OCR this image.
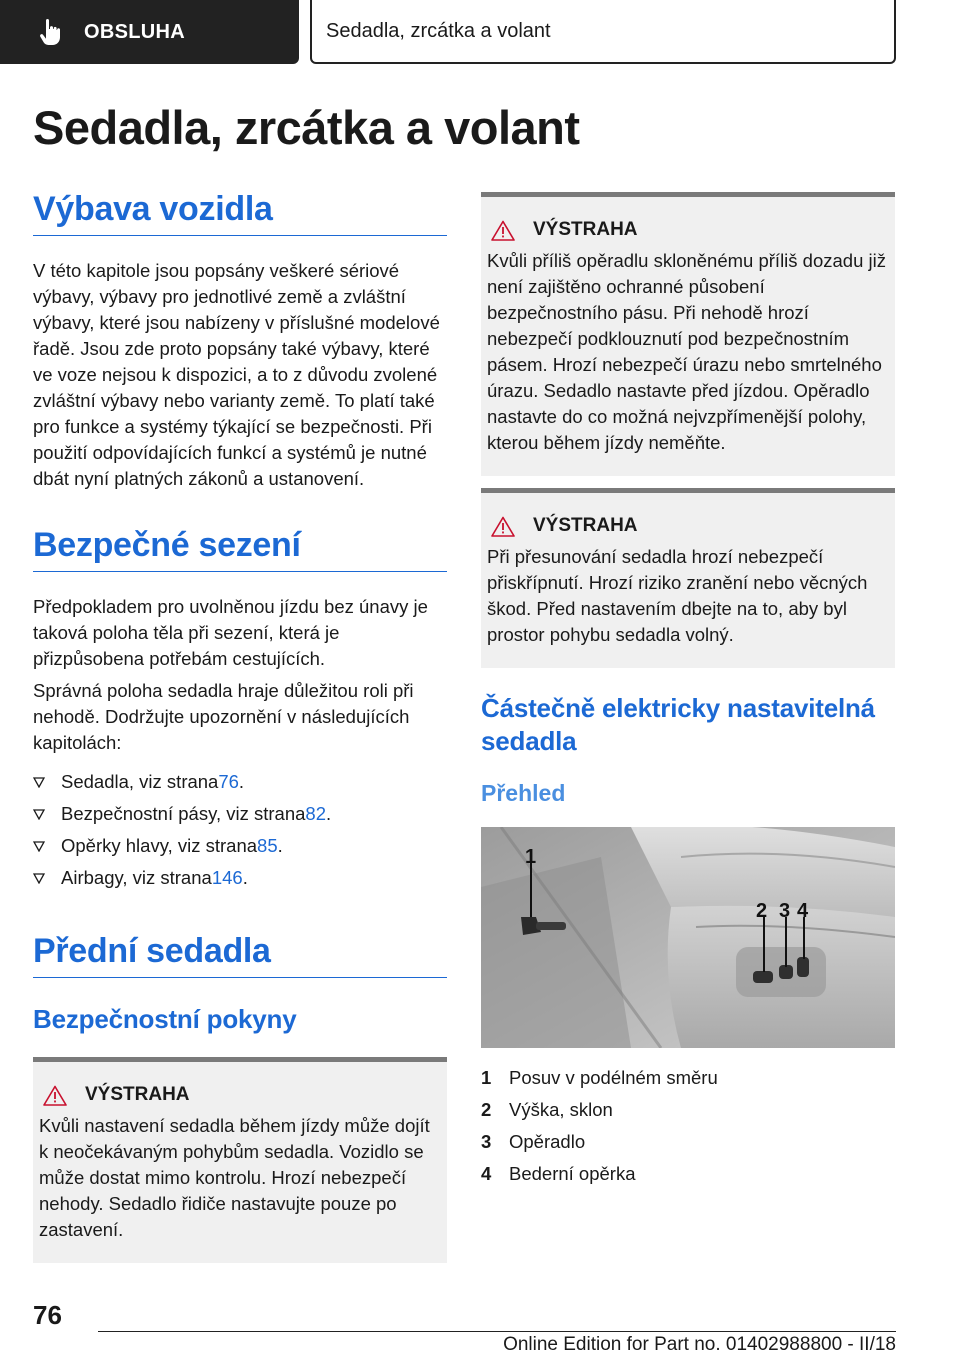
OBSLUHA	Sedadla, zrcátka a volant
Sedadla, zrcátka a volant
Výbava vozidla

V této kapitole jsou popsány veškeré sériové výbavy, výbavy pro jednotlivé země a zvláštní výbavy, které jsou nabízeny v příslušné modelové řadě. Jsou zde proto popsány také výbavy, které ve voze nejsou k dispozici, a to z důvodu zvolené zvláštní výbavy nebo varianty země. To platí také pro funkce a systémy týkající se bezpečnosti. Při použití odpovídajících funkcí a systémů je nutné dbát nyní platných zákonů a ustanovení.

Bezpečné sezení

Předpokladem pro uvolněnou jízdu bez únavy je taková poloha těla při sezení, která je přizpůsobena potřebám cestujících.

Správná poloha sedadla hraje důležitou roli při nehodě. Dodržujte upozornění v následujících kapitolách:

Sedadla, viz strana 76 .
Bezpečnostní pásy, viz strana 82 .
Opěrky hlavy, viz strana 85 .
Airbagy, viz strana 146 .
Přední sedadla
Bezpečnostní pokyny
VÝSTRAHA

Kvůli nastavení sedadla během jízdy může dojít k neočekávaným pohybům sedadla. Vozidlo se může dostat mimo kontrolu. Hrozí nebezpečí nehody. Sedadlo řidiče nastavujte pouze po zastavení.

VÝSTRAHA

Kvůli příliš opěradlu skloněnému příliš dozadu již není zajištěno ochranné působení bezpečnostního pásu. Při nehodě hrozí nebezpečí podklouznutí pod bezpečnostním pásem. Hrozí nebezpečí úrazu nebo smrtelného úrazu. Sedadlo nastavte před jízdou. Opěradlo nastavte do co možná nejvzpřímenější polohy, kterou během jízdy neměňte.

VÝSTRAHA

Při přesunování sedadla hrozí nebezpečí přiskřípnutí. Hrozí riziko zranění nebo věcných škod. Před nastavením dbejte na to, aby byl prostor pohybu sedadla volný.

Částečně elektricky nastavitelná sedadla
Přehled
1
2 3 4
1 Posuv v podélném směru
2 Výška, sklon
3 Opěradlo
4 Bederní opěrka
76
Online Edition for Part no. 01402988800 - II/18
